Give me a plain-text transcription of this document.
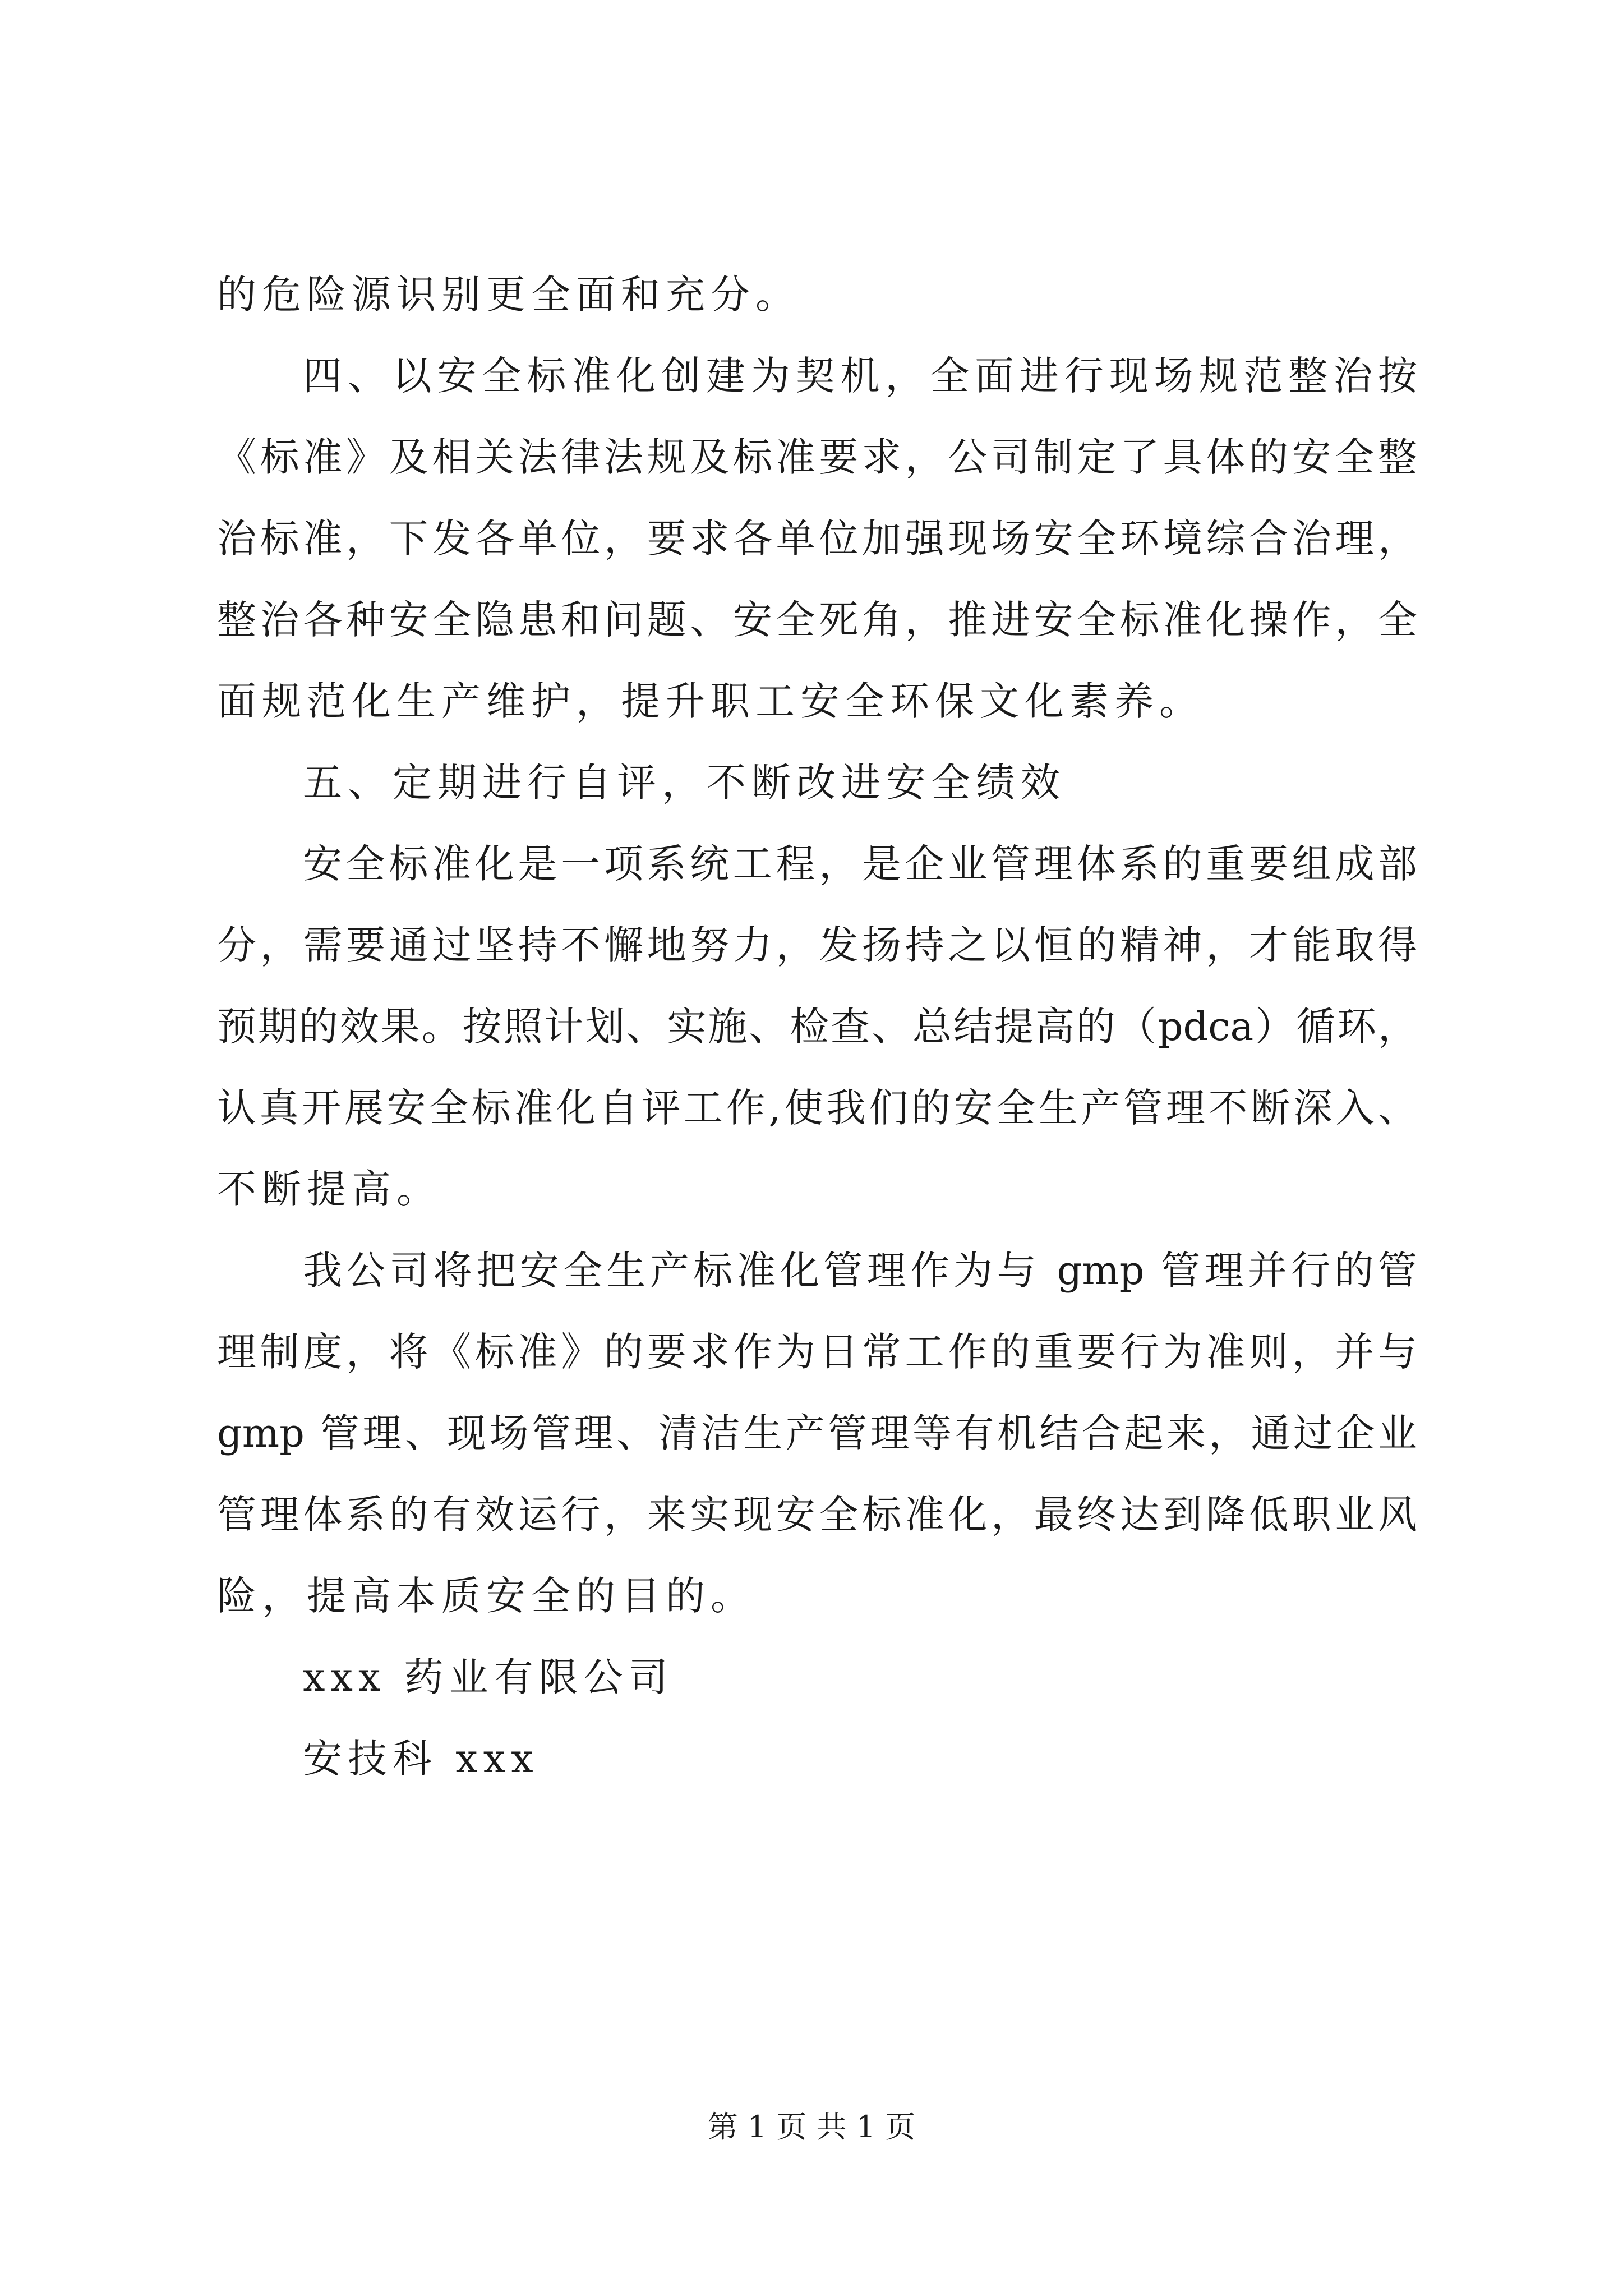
的危险源识别更全面和充分。
四、以安全标准化创建为契机，全面进行现场规范整治按
《标准》及相关法律法规及标准要求，公司制定了具体的安全整
治标准，下发各单位，要求各单位加强现场安全环境综合治理，
整治各种安全隐患和问题、安全死角，推进安全标准化操作，全
面规范化生产维护，提升职工安全环保文化素养。
五、定期进行自评，不断改进安全绩效
安全标准化是一项系统工程，是企业管理体系的重要组成部
分，需要通过坚持不懈地努力，发扬持之以恒的精神，才能取得
预期的效果。按照计划、实施、检查、总结提高的（pdca）循环，
认真开展安全标准化自评工作,使我们的安全生产管理不断深入、
不断提高。
我公司将把安全生产标准化管理作为与 gmp 管理并行的管
理制度，将《标准》的要求作为日常工作的重要行为准则，并与
gmp 管理、现场管理、清洁生产管理等有机结合起来，通过企业
管理体系的有效运行，来实现安全标准化，最终达到降低职业风
险，提高本质安全的目的。
xxx 药业有限公司
安技科 xxx
第 1 页 共 1 页
